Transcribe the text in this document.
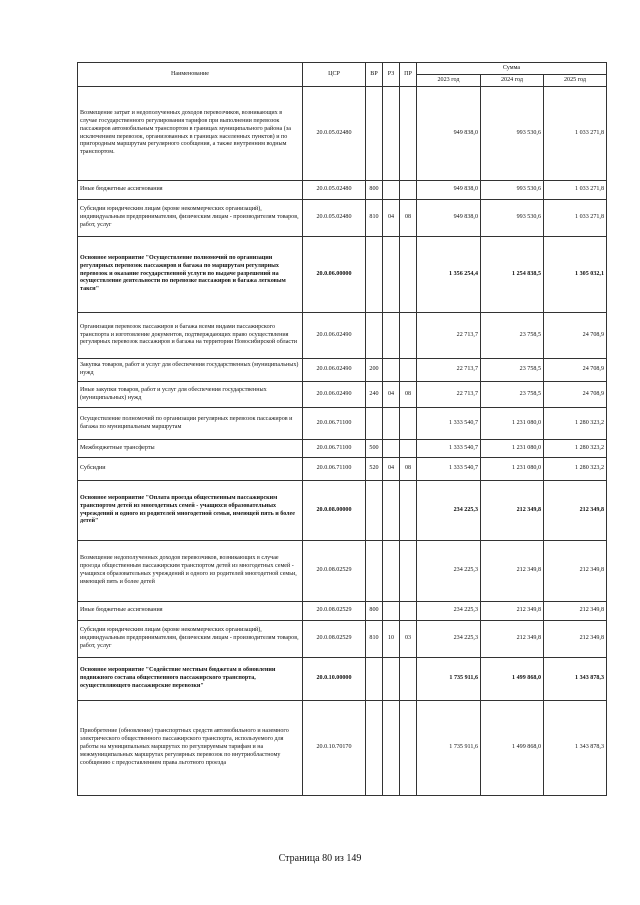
Наименование	ЦСР	ВР	РЗ	ПР	Сумма		
					2023 год	2024 год	2025 год
Возмещение затрат и недополученных доходов перевозчиков, возникающих в случае государственного регулирования тарифов при выполнении перевозок пассажиров автомобильным транспортом в границах муниципального района (за исключением перевозок, организованных в границах населенных пунктов) и по пригородным маршрутам регулярного сообщения, а также внутренним водным транспортом.	20.0.05.02480				949 838,0	993 530,6	1 033 271,8
Иные бюджетные ассигнования	20.0.05.02480	800			949 838,0	993 530,6	1 033 271,8
Субсидии юридическим лицам (кроме некоммерческих организаций), индивидуальным предпринимателям, физическим лицам - производителям товаров, работ, услуг	20.0.05.02480	810	04	08	949 838,0	993 530,6	1 033 271,8
Основное мероприятие "Осуществление полномочий по организации регулярных перевозок пассажиров и багажа по маршрутам регулярных перевозок и оказание государственной услуги по выдаче разрешений на осуществление деятельности по перевозке пассажиров и багажа легковым такси"	20.0.06.00000				1 356 254,4	1 254 838,5	1 305 032,1
Организация перевозок пассажиров и багажа всеми видами пассажирского транспорта и изготовление документов, подтверждающих право осуществления регулярных перевозок пассажиров и багажа на территории Новосибирской области	20.0.06.02490				22 713,7	23 758,5	24 708,9
Закупка товаров, работ и услуг для обеспечения государственных (муниципальных) нужд	20.0.06.02490	200			22 713,7	23 758,5	24 708,9
Иные закупки товаров, работ и услуг для обеспечения государственных (муниципальных) нужд	20.0.06.02490	240	04	08	22 713,7	23 758,5	24 708,9
Осуществление полномочий по организации регулярных перевозок пассажиров и багажа по муниципальным маршрутам	20.0.06.71100				1 333 540,7	1 231 080,0	1 280 323,2
Межбюджетные трансферты	20.0.06.71100	500			1 333 540,7	1 231 080,0	1 280 323,2
Субсидии	20.0.06.71100	520	04	08	1 333 540,7	1 231 080,0	1 280 323,2
Основное мероприятие "Оплата проезда общественным пассажирским транспортом детей из многодетных семей - учащихся образовательных учреждений и одного из родителей многодетной семьи, имеющей пять и более детей"	20.0.08.00000				234 225,3	212 349,8	212 349,8
Возмещение недополученных доходов перевозчиков, возникающих в случае проезда общественным пассажирским транспортом детей из многодетных семей - учащихся образовательных учреждений и одного из родителей многодетной семьи, имеющей пять и более детей	20.0.08.02529				234 225,3	212 349,8	212 349,8
Иные бюджетные ассигнования	20.0.08.02529	800			234 225,3	212 349,8	212 349,8
Субсидии юридическим лицам (кроме некоммерческих организаций), индивидуальным предпринимателям, физическим лицам - производителям товаров, работ, услуг	20.0.08.02529	810	10	03	234 225,3	212 349,8	212 349,8
Основное мероприятие "Содействие местным бюджетам в обновлении подвижного состава общественного пассажирского транспорта, осуществляющего пассажирские перевозки"	20.0.10.00000				1 735 911,6	1 499 868,0	1 343 878,3
Приобретение (обновление) транспортных средств автомобильного и наземного электрического общественного пассажирского транспорта, используемого для работы на муниципальных маршрутах по регулируемым тарифам и на межмуниципальных маршрутах регулярных перевозок по внутриобластному сообщению с предоставлением права льготного проезда	20.0.10.70170				1 735 911,6	1 499 868,0	1 343 878,3
Страница 80 из 149
